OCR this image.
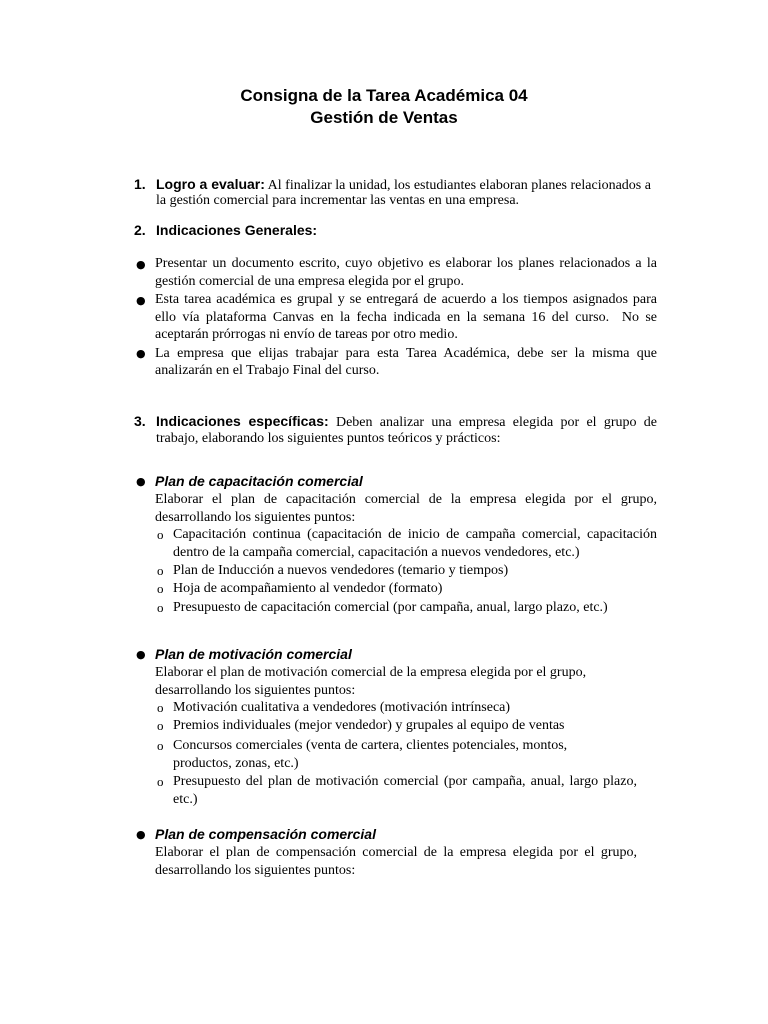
Consigna de la Tarea Académica 04
Gestión de Ventas
1. Logro a evaluar: Al finalizar la unidad, los estudiantes elaboran planes relacionados a
la gestión comercial para incrementar las ventas en una empresa.
2. Indicaciones Generales:
● Presentar un documento escrito, cuyo objetivo es elaborar los planes relacionados a la
gestión comercial de una empresa elegida por el grupo.
● Esta tarea académica es grupal y se entregará de acuerdo a los tiempos asignados para
ello vía plataforma Canvas en la fecha indicada en la semana 16 del curso.  No se
aceptarán prórrogas ni envío de tareas por otro medio.
● La empresa que elijas trabajar para esta Tarea Académica, debe ser la misma que
analizarán en el Trabajo Final del curso.
3. Indicaciones específicas: Deben analizar una empresa elegida por el grupo de
trabajo, elaborando los siguientes puntos teóricos y prácticos:
● Plan de capacitación comercial
Elaborar el plan de capacitación comercial de la empresa elegida por el grupo,
desarrollando los siguientes puntos:
o Capacitación continua (capacitación de inicio de campaña comercial, capacitación
dentro de la campaña comercial, capacitación a nuevos vendedores, etc.)
o Plan de Inducción a nuevos vendedores (temario y tiempos)
o Hoja de acompañamiento al vendedor (formato)
o Presupuesto de capacitación comercial (por campaña, anual, largo plazo, etc.)
● Plan de motivación comercial
Elaborar el plan de motivación comercial de la empresa elegida por el grupo,
desarrollando los siguientes puntos:
o Motivación cualitativa a vendedores (motivación intrínseca)
o Premios individuales (mejor vendedor) y grupales al equipo de ventas
o Concursos comerciales (venta de cartera, clientes potenciales, montos,
productos, zonas, etc.)
o Presupuesto del plan de motivación comercial (por campaña, anual, largo plazo,
etc.)
● Plan de compensación comercial
Elaborar el plan de compensación comercial de la empresa elegida por el grupo,
desarrollando los siguientes puntos:
